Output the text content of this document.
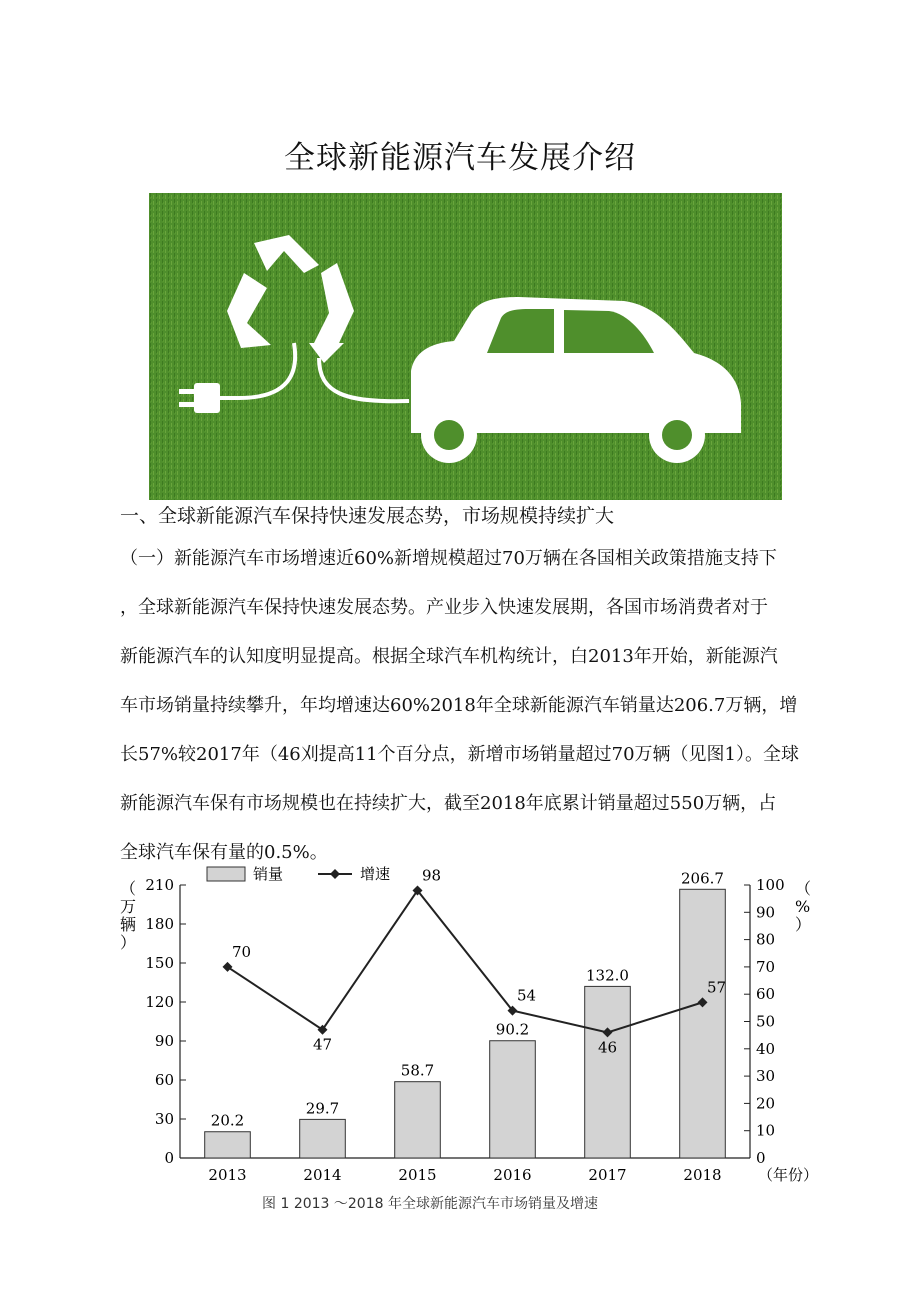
全球新能源汽车发展介绍
一、全球新能源汽车保持快速发展态势，市场规模持续扩大
（一）新能源汽车市场增速近60%新增规模超过70万辆在各国相关政策措施支持下
，全球新能源汽车保持快速发展态势。产业步入快速发展期，各国市场消费者对于
新能源汽车的认知度明显提高。根据全球汽车机构统计，白2013年开始，新能源汽
车市场销量持续攀升，年均增速达60%2018年全球新能源汽车销量达206.7万辆，增
长57%较2017年（46刈提高11个百分点，新增市场销量超过70万辆（见图1）。全球
新能源汽车保有市场规模也在持续扩大，截至2018年底累计销量超过550万辆，占
全球汽车保有量的0.5%。
0
30
60
90
120
150
180
210
0
10
20
30
40
50
60
70
80
90
100
（万辆）
（%）
20.2
29.7
58.7
90.2
132.0
206.7
2013	2014	2015	2016	2017	2018 （年份）
70
47
98
54
46
57
销量	增速
图 1 2013 ～2018 年全球新能源汽车市场销量及增速
